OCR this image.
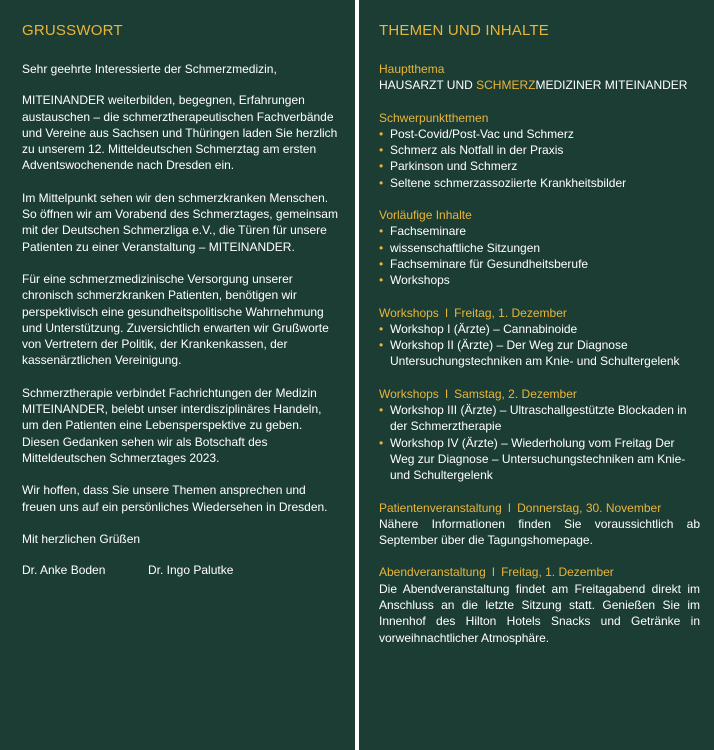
GRUSSWORT

Sehr geehrte Interessierte der Schmerzmedizin,

MITEINANDER weiterbilden, begegnen, Erfahrungen austauschen – die schmerztherapeutischen Fachverbände und Vereine aus Sachsen und Thüringen laden Sie herzlich zu unserem 12. Mitteldeutschen Schmerztag am ersten Adventswochenende nach Dresden ein.

Im Mittelpunkt sehen wir den schmerzkranken Menschen. So öffnen wir am Vorabend des Schmerztages, gemeinsam mit der Deutschen Schmerzliga e.V., die Türen für unsere Patienten zu einer Veranstaltung – MITEINANDER.

Für eine schmerzmedizinische Versorgung unserer chronisch schmerzkranken Patienten, benötigen wir perspektivisch eine gesundheitspolitische Wahrnehmung und Unterstützung. Zuversichtlich erwarten wir Grußworte von Vertretern der Politik, der Krankenkassen, der kassenärztlichen Vereinigung.

Schmerztherapie verbindet Fachrichtungen der Medizin MITEINANDER, belebt unser interdisziplinäres Handeln, um den Patienten eine Lebensperspektive zu geben. Diesen Gedanken sehen wir als Botschaft des Mitteldeutschen Schmerztages 2023.

Wir hoffen, dass Sie unsere Themen ansprechen und freuen uns auf ein persönliches Wiedersehen in Dresden.

Mit herzlichen Grüßen

Dr. Anke Boden	Dr. Ingo Palutke
THEMEN UND INHALTE
Hauptthema
HAUSARZT UND SCHMERZMEDIZINER MITEINANDER
Schwerpunktthemen
• Post-Covid/Post-Vac und Schmerz
• Schmerz als Notfall in der Praxis
• Parkinson und Schmerz
• Seltene schmerzassoziierte Krankheitsbilder
Vorläufige Inhalte
• Fachseminare
• wissenschaftliche Sitzungen
• Fachseminare für Gesundheitsberufe
• Workshops
Workshops I Freitag, 1. Dezember
• Workshop I (Ärzte) – Cannabinoide
• Workshop II (Ärzte) – Der Weg zur Diagnose Untersuchungstechniken am Knie- und Schultergelenk
Workshops I Samstag, 2. Dezember
• Workshop III (Ärzte) – Ultraschallgestützte Blockaden in der Schmerztherapie
• Workshop IV (Ärzte) – Wiederholung vom Freitag Der Weg zur Diagnose – Untersuchungstechniken am Knie- und Schultergelenk
Patientenveranstaltung I Donnerstag, 30. November
Nähere Informationen finden Sie voraussichtlich ab September über die Tagungshomepage.
Abendveranstaltung I Freitag, 1. Dezember
Die Abendveranstaltung findet am Freitagabend direkt im Anschluss an die letzte Sitzung statt. Genießen Sie im Innenhof des Hilton Hotels Snacks und Getränke in vorweihnachtlicher Atmosphäre.
